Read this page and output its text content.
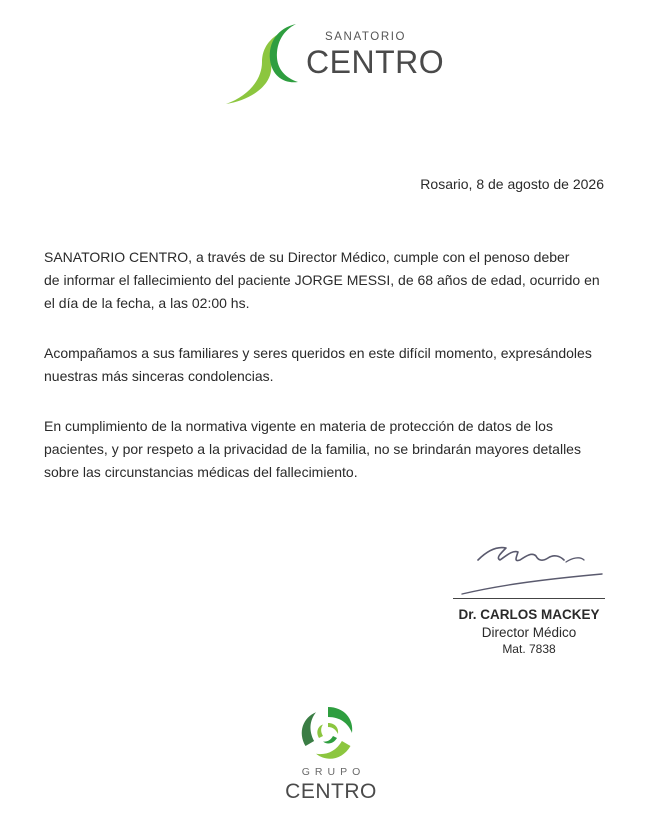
SANATORIO
CENTRO
Rosario, 8 de agosto de 2026
SANATORIO CENTRO, a través de su Director Médico, cumple con el penoso deber
de informar el fallecimiento del paciente JORGE MESSI, de 68 años de edad, ocurrido en
el día de la fecha, a las 02:00 hs.
Acompañamos a sus familiares y seres queridos en este difícil momento, expresándoles
nuestras más sinceras condolencias.
En cumplimiento de la normativa vigente en materia de protección de datos de los
pacientes, y por respeto a la privacidad de la familia, no se brindarán mayores detalles
sobre las circunstancias médicas del fallecimiento.
Dr. CARLOS MACKEY
Director Médico
Mat. 7838
GRUPO
CENTRO
